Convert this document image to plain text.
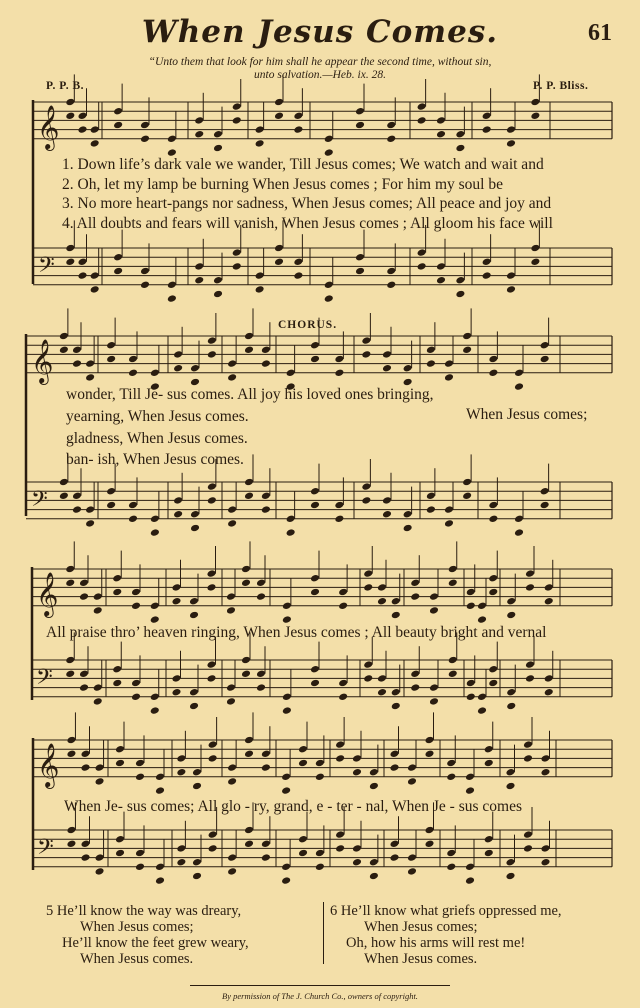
When Jesus Comes.	61
“Unto them that look for him shall he appear the second time, without sin,
unto salvation.—Heb. ix. 28.
P. P. B.	P. P. Bliss.
𝄞
𝄢
𝄞
𝄢
𝄞
𝄢
𝄞
𝄢
1. Down life’s dark vale we wander, Till Jesus comes; We watch and wait and
2. Oh, let my lamp be burning When Jesus comes ; For him my soul be
3. No more heart-pangs nor sadness, When Jesus comes; All peace and joy and
4. All doubts and fears will vanish, When Jesus comes ; All gloom his face will
CHORUS.
wonder, Till Je- sus comes. All joy his loved ones bringing,
yearning, When Jesus comes.
gladness, When Jesus comes.
ban- ish, When Jesus comes.
When Jesus comes;
All praise thro’ heaven ringing, When Jesus comes ; All beauty bright and vernal
When Je- sus comes; All glo - ry, grand, e - ter - nal, When Je - sus comes
5 He’ll know the way was dreary,
When Jesus comes;
He’ll know the feet grew weary,
When Jesus comes.
6 He’ll know what griefs oppressed me,
When Jesus comes;
Oh, how his arms will rest me!
When Jesus comes.
By permission of The J. Church Co., owners of copyright.
